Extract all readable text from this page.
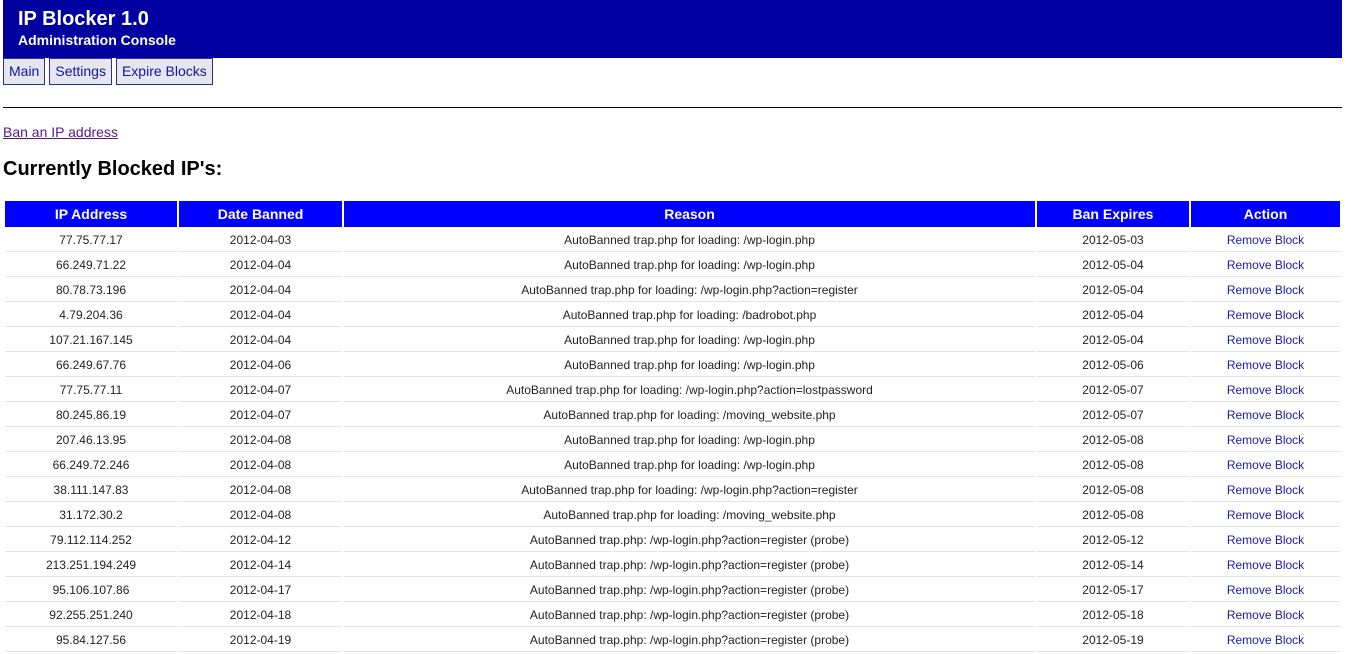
IP Blocker 1.0
Administration Console
Main	Settings	Expire Blocks
Ban an IP address
Currently Blocked IP's:
IP Address	Date Banned	Reason	Ban Expires	Action
77.75.77.17	2012-04-03	AutoBanned trap.php for loading: /wp-login.php	2012-05-03	Remove Block
66.249.71.22	2012-04-04	AutoBanned trap.php for loading: /wp-login.php	2012-05-04	Remove Block
80.78.73.196	2012-04-04	AutoBanned trap.php for loading: /wp-login.php?action=register	2012-05-04	Remove Block
4.79.204.36	2012-04-04	AutoBanned trap.php for loading: /badrobot.php	2012-05-04	Remove Block
107.21.167.145	2012-04-04	AutoBanned trap.php for loading: /wp-login.php	2012-05-04	Remove Block
66.249.67.76	2012-04-06	AutoBanned trap.php for loading: /wp-login.php	2012-05-06	Remove Block
77.75.77.11	2012-04-07	AutoBanned trap.php for loading: /wp-login.php?action=lostpassword	2012-05-07	Remove Block
80.245.86.19	2012-04-07	AutoBanned trap.php for loading: /moving_website.php	2012-05-07	Remove Block
207.46.13.95	2012-04-08	AutoBanned trap.php for loading: /wp-login.php	2012-05-08	Remove Block
66.249.72.246	2012-04-08	AutoBanned trap.php for loading: /wp-login.php	2012-05-08	Remove Block
38.111.147.83	2012-04-08	AutoBanned trap.php for loading: /wp-login.php?action=register	2012-05-08	Remove Block
31.172.30.2	2012-04-08	AutoBanned trap.php for loading: /moving_website.php	2012-05-08	Remove Block
79.112.114.252	2012-04-12	AutoBanned trap.php: /wp-login.php?action=register (probe)	2012-05-12	Remove Block
213.251.194.249	2012-04-14	AutoBanned trap.php: /wp-login.php?action=register (probe)	2012-05-14	Remove Block
95.106.107.86	2012-04-17	AutoBanned trap.php: /wp-login.php?action=register (probe)	2012-05-17	Remove Block
92.255.251.240	2012-04-18	AutoBanned trap.php: /wp-login.php?action=register (probe)	2012-05-18	Remove Block
95.84.127.56	2012-04-19	AutoBanned trap.php: /wp-login.php?action=register (probe)	2012-05-19	Remove Block
